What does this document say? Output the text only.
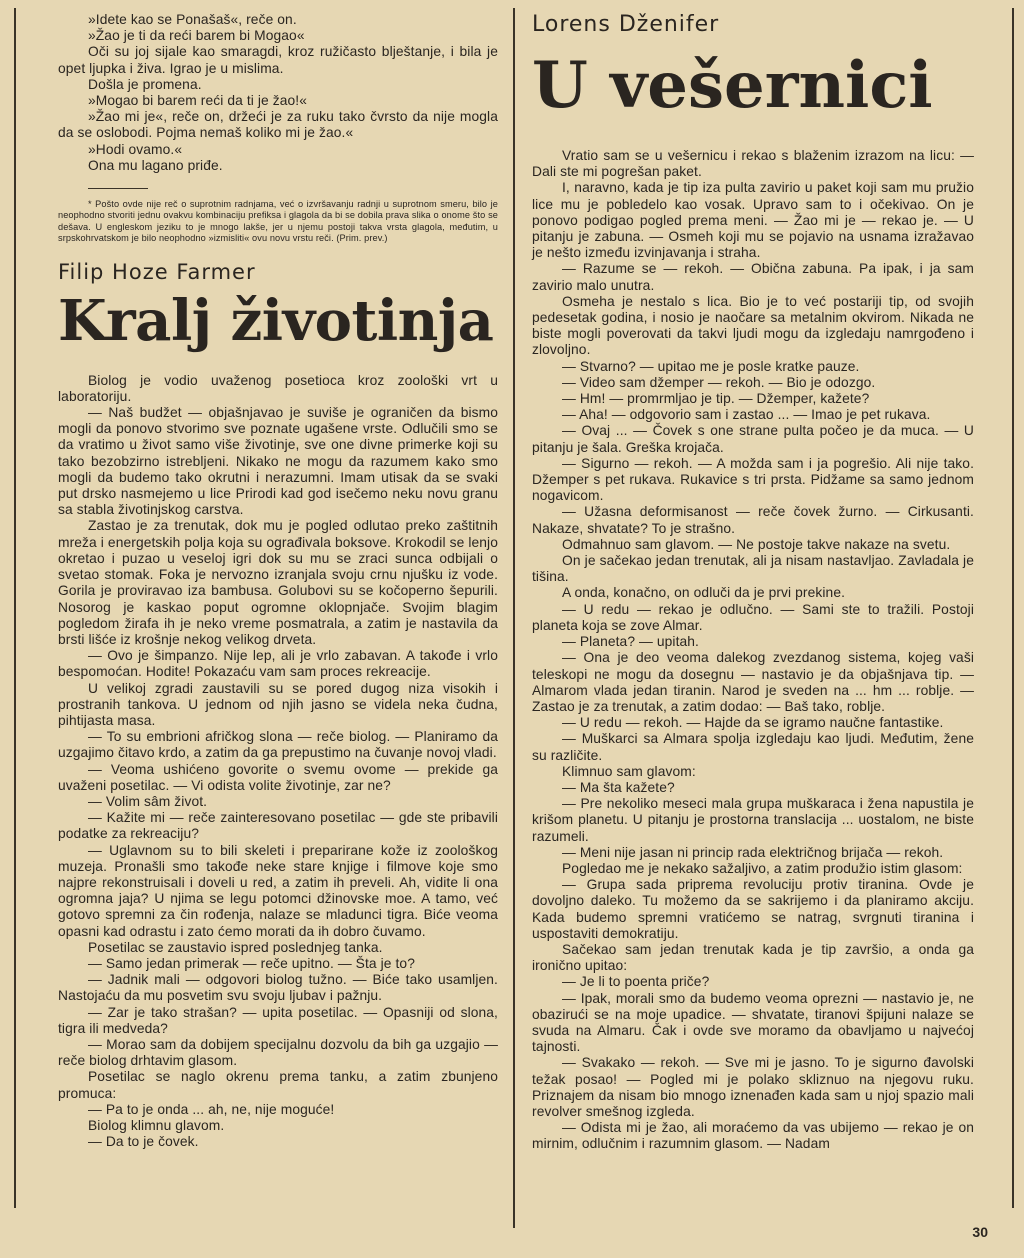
»Idete kao se Ponašaš«, reče on.

»Žao je ti da reći barem bi Mogao«

Oči su joj sijale kao smaragdi, kroz ružičasto blještanje, i bila je opet ljupka i živa. Igrao je u mislima.

Došla je promena.

»Mogao bi barem reći da ti je žao!«

»Žao mi je«, reče on, držeći je za ruku tako čvrsto da nije mogla da se oslobodi. Pojma nemaš koliko mi je žao.«

»Hodi ovamo.«

Ona mu lagano priđe.

* Pošto ovde nije reč o suprotnim radnjama, već o izvršavanju radnji u suprotnom smeru, bilo je neophodno stvoriti jednu ovakvu kombinaciju prefiksa i glagola da bi se dobila prava slika o onome što se dešava. U engleskom jeziku to je mnogo lakše, jer u njemu postoji takva vrsta glagola, međutim, u srpskohrvatskom je bilo neophodno »izmisliti« ovu novu vrstu reči. (Prim. prev.)

Filip Hoze Farmer
Kralj životinja

Biolog je vodio uvaženog posetioca kroz zoološki vrt u laboratoriju.

— Naš budžet — objašnjavao je suviše je ograničen da bismo mogli da ponovo stvorimo sve poznate ugašene vrste. Odlučili smo se da vratimo u život samo više životinje, sve one divne primerke koji su tako bezobzirno istrebljeni. Nikako ne mogu da razumem kako smo mogli da budemo tako okrutni i nerazumni. Imam utisak da se svaki put drsko nasmejemo u lice Prirodi kad god isečemo neku novu granu sa stabla životinjskog carstva.

Zastao je za trenutak, dok mu je pogled odlutao preko zaštitnih mreža i energetskih polja koja su ograđivala boksove. Krokodil se lenjo okretao i puzao u veseloj igri dok su mu se zraci sunca odbijali o svetao stomak. Foka je nervozno izranjala svoju crnu njušku iz vode. Gorila je proviravao iza bambusa. Golubovi su se kočoperno šepurili. Nosorog je kaskao poput ogromne oklopnjače. Svojim blagim pogledom žirafa ih je neko vreme posmatrala, a zatim je nastavila da brsti lišće iz krošnje nekog velikog drveta.

— Ovo je šimpanzo. Nije lep, ali je vrlo zabavan. A takođe i vrlo bespomoćan. Hodite! Pokazaću vam sam proces rekreacije.

U velikoj zgradi zaustavili su se pored dugog niza visokih i prostranih tankova. U jednom od njih jasno se videla neka čudna, pihtijasta masa.

— To su embrioni afričkog slona — reče biolog. — Planiramo da uzgajimo čitavo krdo, a zatim da ga prepustimo na čuvanje novoj vladi.

— Veoma ushićeno govorite o svemu ovome — prekide ga uvaženi posetilac. — Vi odista volite životinje, zar ne?

— Volim sâm život.

— Kažite mi — reče zainteresovano posetilac — gde ste pribavili podatke za rekreaciju?

— Uglavnom su to bili skeleti i preparirane kože iz zoološkog muzeja. Pronašli smo takođe neke stare knjige i filmove koje smo najpre rekonstruisali i doveli u red, a zatim ih preveli. Ah, vidite li ona ogromna jaja? U njima se legu potomci džinovske moe. A tamo, već gotovo spremni za čin rođenja, nalaze se mladunci tigra. Biće veoma opasni kad odrastu i zato ćemo morati da ih dobro čuvamo.

Posetilac se zaustavio ispred poslednjeg tanka.

— Samo jedan primerak — reče upitno. — Šta je to?

— Jadnik mali — odgovori biolog tužno. — Biće tako usamljen. Nastojaću da mu posvetim svu svoju ljubav i pažnju.

— Zar je tako strašan? — upita posetilac. — Opasniji od slona, tigra ili medveda?

— Morao sam da dobijem specijalnu dozvolu da bih ga uzgajio — reče biolog drhtavim glasom.

Posetilac se naglo okrenu prema tanku, a zatim zbunjeno promuca:

— Pa to je onda ... ah, ne, nije moguće!

Biolog klimnu glavom.

— Da to je čovek.

Lorens Dženifer
U vešernici

Vratio sam se u vešernicu i rekao s blaženim izrazom na licu: — Dali ste mi pogrešan paket.

I, naravno, kada je tip iza pulta zavirio u paket koji sam mu pružio lice mu je pobledelo kao vosak. Upravo sam to i očekivao. On je ponovo podigao pogled prema meni. — Žao mi je — rekao je. — U pitanju je zabuna. — Osmeh koji mu se pojavio na usnama izražavao je nešto između izvinjavanja i straha.

— Razume se — rekoh. — Obična zabuna. Pa ipak, i ja sam zavirio malo unutra.

Osmeha je nestalo s lica. Bio je to već postariji tip, od svojih pedesetak godina, i nosio je naočare sa metalnim okvirom. Nikada ne biste mogli poverovati da takvi ljudi mogu da izgledaju namrgođeno i zlovoljno.

— Stvarno? — upitao me je posle kratke pauze.

— Video sam džemper — rekoh. — Bio je odozgo.

— Hm! — promrmljao je tip. — Džemper, kažete?

— Aha! — odgovorio sam i zastao ... — Imao je pet rukava.

— Ovaj ... — Čovek s one strane pulta počeo je da muca. — U pitanju je šala. Greška krojača.

— Sigurno — rekoh. — A možda sam i ja pogrešio. Ali nije tako. Džemper s pet rukava. Rukavice s tri prsta. Pidžame sa samo jednom nogavicom.

— Užasna deformisanost — reče čovek žurno. — Cirkusanti. Nakaze, shvatate? To je strašno.

Odmahnuo sam glavom. — Ne postoje takve nakaze na svetu.

On je sačekao jedan trenutak, ali ja nisam nastavljao. Zavladala je tišina.

A onda, konačno, on odluči da je prvi prekine.

— U redu — rekao je odlučno. — Sami ste to tražili. Postoji planeta koja se zove Almar.

— Planeta? — upitah.

— Ona je deo veoma dalekog zvezdanog sistema, kojeg vaši teleskopi ne mogu da dosegnu — nastavio je da objašnjava tip. — Almarom vlada jedan tiranin. Narod je sveden na ... hm ... roblje. — Zastao je za trenutak, a zatim dodao: — Baš tako, roblje.

— U redu — rekoh. — Hajde da se igramo naučne fantastike.

— Muškarci sa Almara spolja izgledaju kao ljudi. Međutim, žene su različite.

Klimnuo sam glavom:

— Ma šta kažete?

— Pre nekoliko meseci mala grupa muškaraca i žena napustila je krišom planetu. U pitanju je prostorna translacija ... uostalom, ne biste razumeli.

— Meni nije jasan ni princip rada električnog brijača — rekoh.

Pogledao me je nekako sažaljivo, a zatim produžio istim glasom:

— Grupa sada priprema revoluciju protiv tiranina. Ovde je dovoljno daleko. Tu možemo da se sakrijemo i da planiramo akciju. Kada budemo spremni vratićemo se natrag, svrgnuti tiranina i uspostaviti demokratiju.

Sačekao sam jedan trenutak kada je tip završio, a onda ga ironično upitao:

— Je li to poenta priče?

— Ipak, morali smo da budemo veoma oprezni — nastavio je, ne obazirući se na moje upadice. — shvatate, tiranovi špijuni nalaze se svuda na Almaru. Čak i ovde sve moramo da obavljamo u najvećoj tajnosti.

— Svakako — rekoh. — Sve mi je jasno. To je sigurno đavolski težak posao! — Pogled mi je polako skliznuo na njegovu ruku. Priznajem da nisam bio mnogo iznenađen kada sam u njoj spazio mali revolver smešnog izgleda.

— Odista mi je žao, ali moraćemo da vas ubijemo — rekao je on mirnim, odlučnim i razumnim glasom. — Nadam

30
